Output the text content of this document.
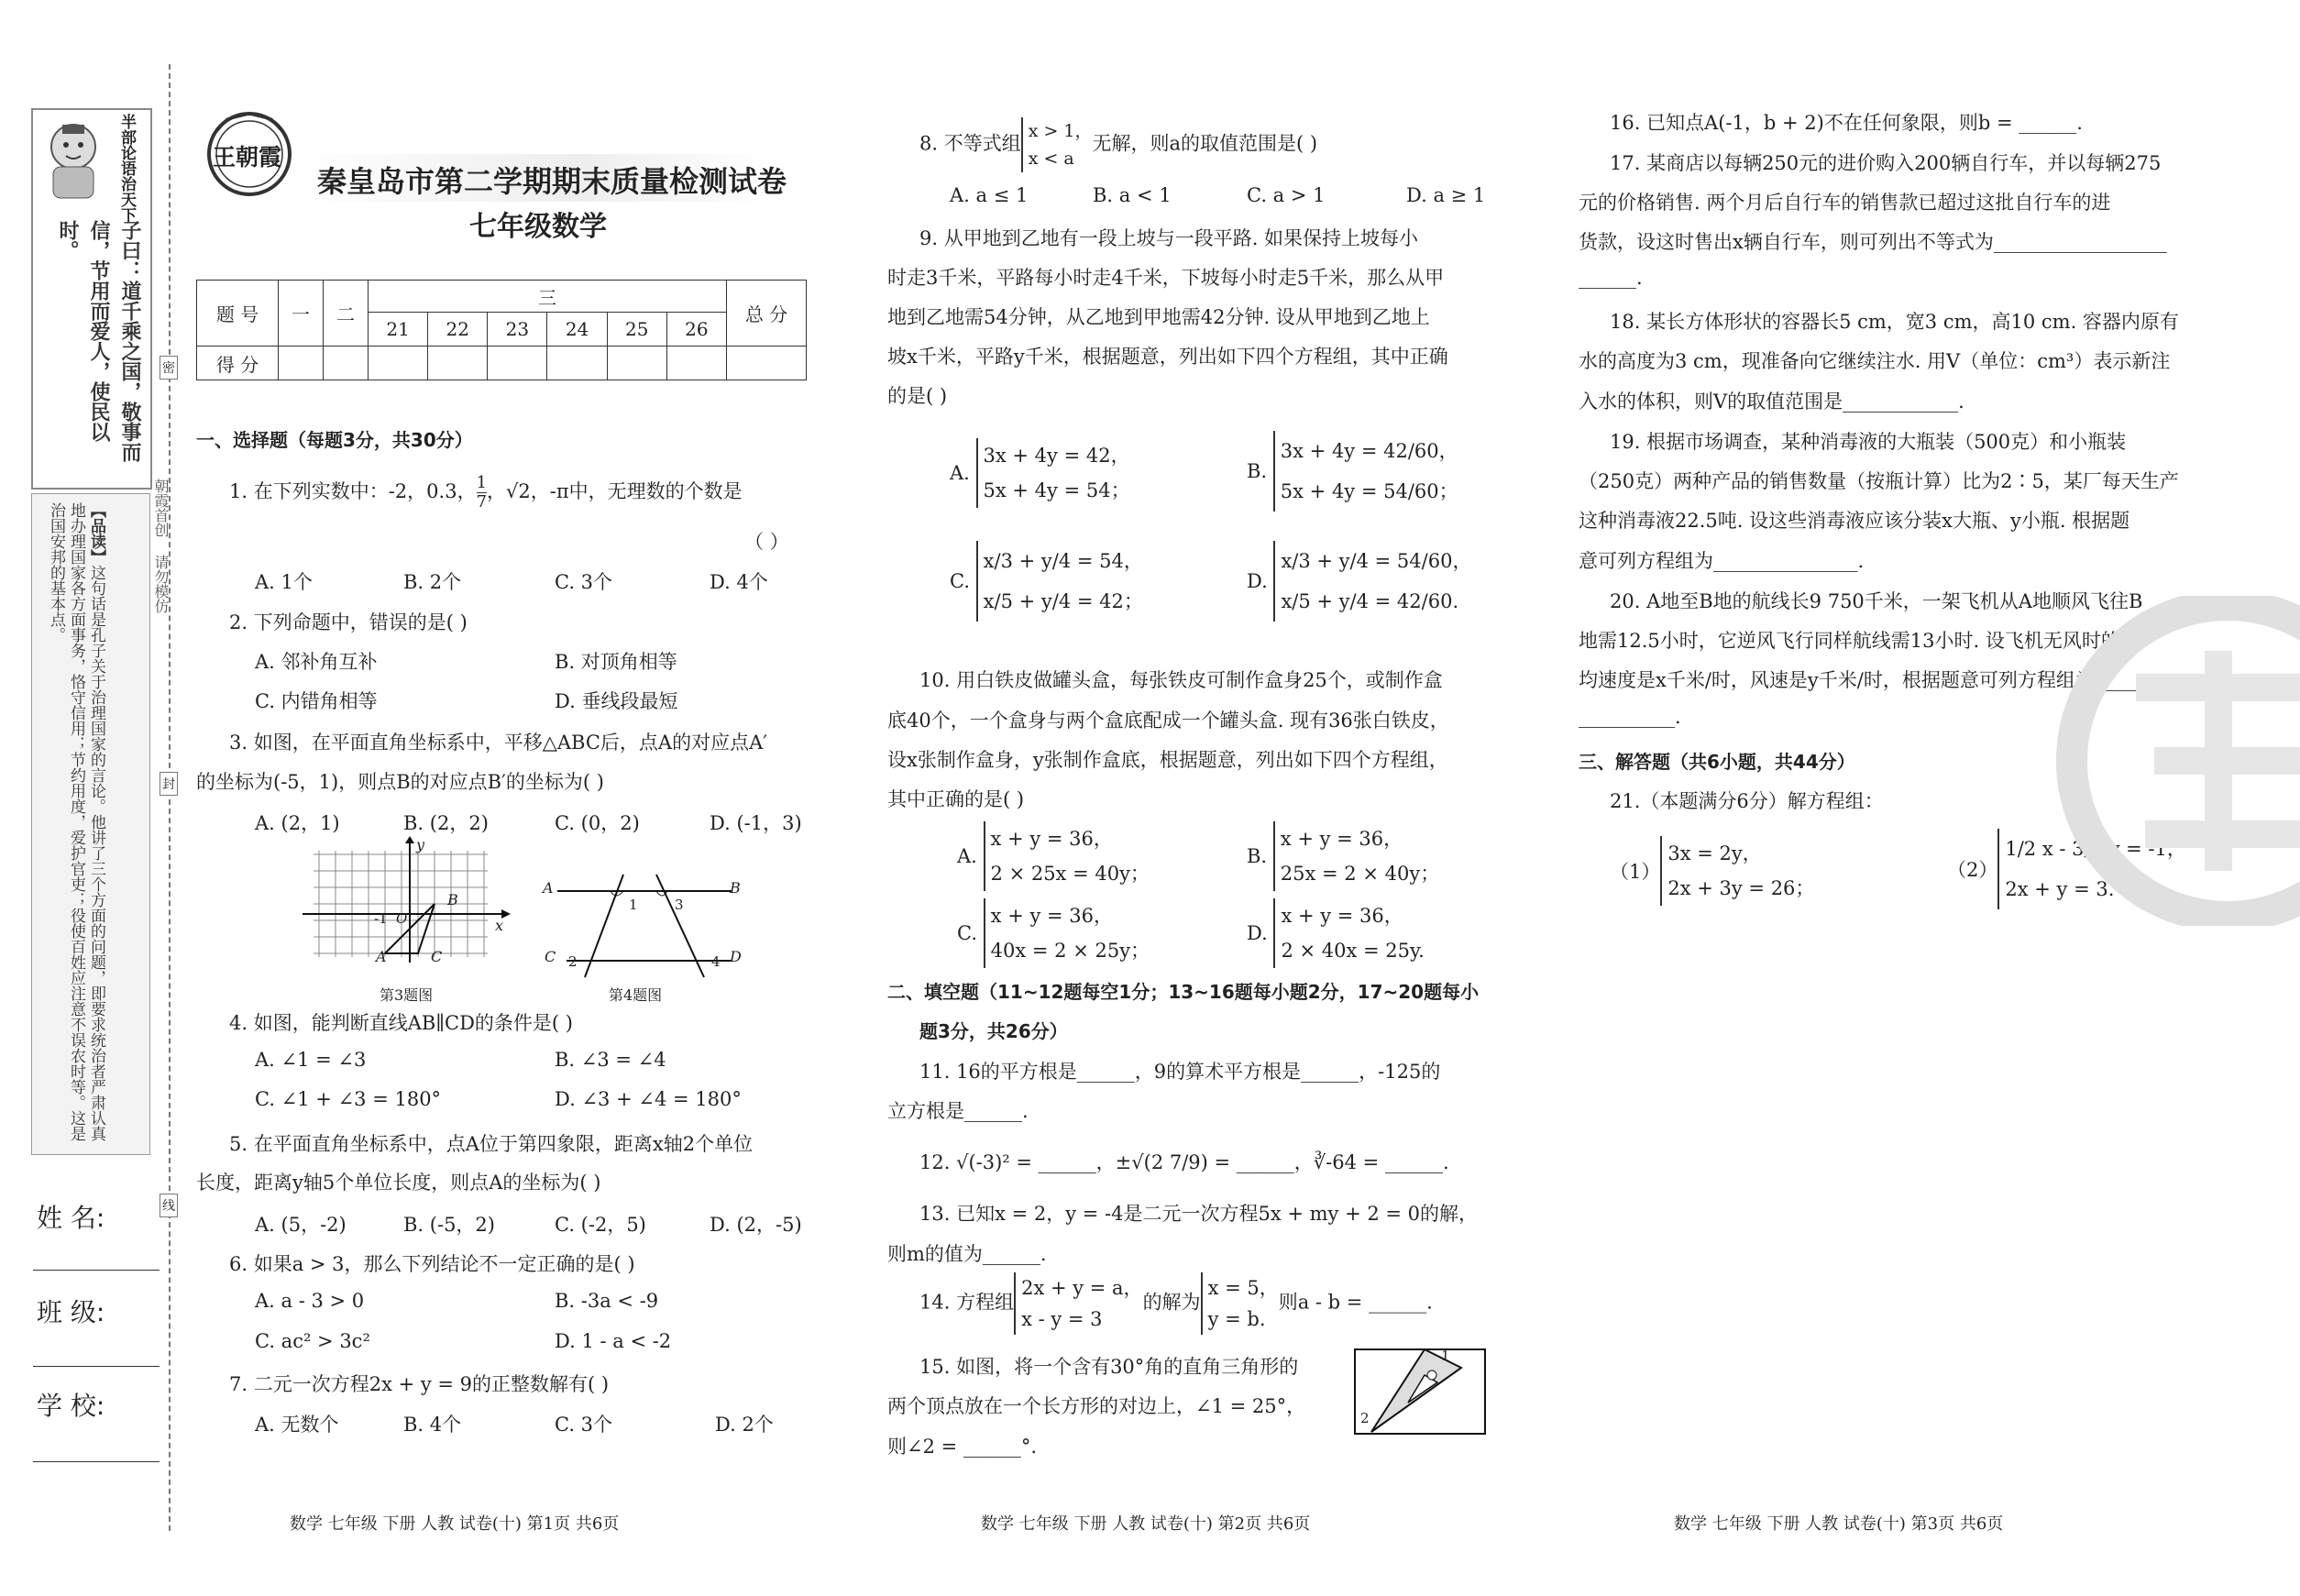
半部论语治天下
子曰：道千乘之国，敬事而信，节用而爱人，使民以时。
【品读】这句话是孔子关于治理国家的言论。他讲了三个方面的问题，即要求统治者严肃认真地办理国家各方面事务，恪守信用；节约用度，爱护官吏；役使百姓应注意不误农时等。这是治国安邦的基本点。
姓 名:
班 级:
学 校:
密
封
线
朝霞首创 请勿模仿
王朝霞
秦皇岛市第二学期期末质量检测试卷
七年级数学
题 号	一	二	三						总 分
			21	22	23	24	25	26	
得 分									
一、选择题（每题3分，共30分）
1. 在下列实数中：-2，0.3， $\frac{1}{7}$ ，√2，-π中，无理数的个数是
（ ）
A. 1个	B. 2个	C. 3个	D. 4个
2. 下列命题中，错误的是( )
A. 邻补角互补	B. 对顶角相等
C. 内错角相等	D. 垂线段最短
3. 如图，在平面直角坐标系中，平移△ABC后，点A的对应点A′
的坐标为(-5，1)，则点B的对应点B′的坐标为( )
A. (2，1)	B. (2，2)	C. (0，2)	D. (-1，3)
y
x
O
-1
B
A	C
第3题图
A	B
C	D
1
2
3
4
第4题图
4. 如图，能判断直线AB∥CD的条件是( )
A. ∠1 = ∠3	B. ∠3 = ∠4
C. ∠1 + ∠3 = 180°	D. ∠3 + ∠4 = 180°
5. 在平面直角坐标系中，点A位于第四象限，距离x轴2个单位
长度，距离y轴5个单位长度，则点A的坐标为( )
A. (5，-2)	B. (-5，2)	C. (-2，5)	D. (2，-5)
6. 如果a > 3，那么下列结论不一定正确的是( )
A. a - 3 > 0	B. -3a < -9
C. ac² > 3c²	D. 1 - a < -2
7. 二元一次方程2x + y = 9的正整数解有( )
A. 无数个	B. 4个	C. 3个	D. 2个
8. 不等式组
x > 1，
x < a
无解，则a的取值范围是( )
A. a ≤ 1	B. a < 1	C. a > 1	D. a ≥ 1
9. 从甲地到乙地有一段上坡与一段平路. 如果保持上坡每小
时走3千米，平路每小时走4千米，下坡每小时走5千米，那么从甲
地到乙地需54分钟，从乙地到甲地需42分钟. 设从甲地到乙地上
坡x千米，平路y千米，根据题意，列出如下四个方程组，其中正确
的是( )
A.
3x + 4y = 42，
5x + 4y = 54；
B.
3x + 4y = 42/60，
5x + 4y = 54/60；
C.
x/3 + y/4 = 54，
x/5 + y/4 = 42；
D.
x/3 + y/4 = 54/60，
x/5 + y/4 = 42/60.
10. 用白铁皮做罐头盒，每张铁皮可制作盒身25个，或制作盒
底40个，一个盒身与两个盒底配成一个罐头盒. 现有36张白铁皮，
设x张制作盒身，y张制作盒底，根据题意，列出如下四个方程组，
其中正确的是( )
A.
x + y = 36，
2 × 25x = 40y；
B.
x + y = 36，
25x = 2 × 40y；
C.
x + y = 36，
40x = 2 × 25y；
D.
x + y = 36，
2 × 40x = 25y.
二、填空题（11~12题每空1分；13~16题每小题2分，17~20题每小
题3分，共26分）
11. 16的平方根是______，9的算术平方根是______，-125的
立方根是______.
12. √(-3)² = ______，±√(2 7/9) = ______，∛-64 = ______.
13. 已知x = 2，y = -4是二元一次方程5x + my + 2 = 0的解，
则m的值为______.
14. 方程组
2x + y = a，
x - y = 3
的解为
x = 5，
y = b.
则a - b = ______.
15. 如图，将一个含有30°角的直角三角形的
两个顶点放在一个长方形的对边上，∠1 = 25°，
则∠2 = ______°.
1
2
16. 已知点A(-1，b + 2)不在任何象限，则b = ______.
17. 某商店以每辆250元的进价购入200辆自行车，并以每辆275
元的价格销售. 两个月后自行车的销售款已超过这批自行车的进
货款，设这时售出x辆自行车，则可列出不等式为__________________
______.
18. 某长方体形状的容器长5 cm，宽3 cm，高10 cm. 容器内原有
水的高度为3 cm，现准备向它继续注水. 用V（单位：cm³）表示新注
入水的体积，则V的取值范围是____________.
19. 根据市场调查，某种消毒液的大瓶装（500克）和小瓶装
（250克）两种产品的销售数量（按瓶计算）比为2∶5，某厂每天生产
这种消毒液22.5吨. 设这些消毒液应该分装x大瓶、y小瓶. 根据题
意可列方程组为_______________.
20. A地至B地的航线长9 750千米，一架飞机从A地顺风飞往B
地需12.5小时，它逆风飞行同样航线需13小时. 设飞机无风时的平
均速度是x千米/时，风速是y千米/时，根据题意可列方程组为_____
__________.
三、解答题（共6小题，共44分）
21.（本题满分6分）解方程组：
（1）
3x = 2y，
2x + 3y = 26；
（2）
1/2 x - 3/2 y = -1，
2x + y = 3.
数学 七年级 下册 人教 试卷(十) 第1页 共6页	数学 七年级 下册 人教 试卷(十) 第2页 共6页	数学 七年级 下册 人教 试卷(十) 第3页 共6页
